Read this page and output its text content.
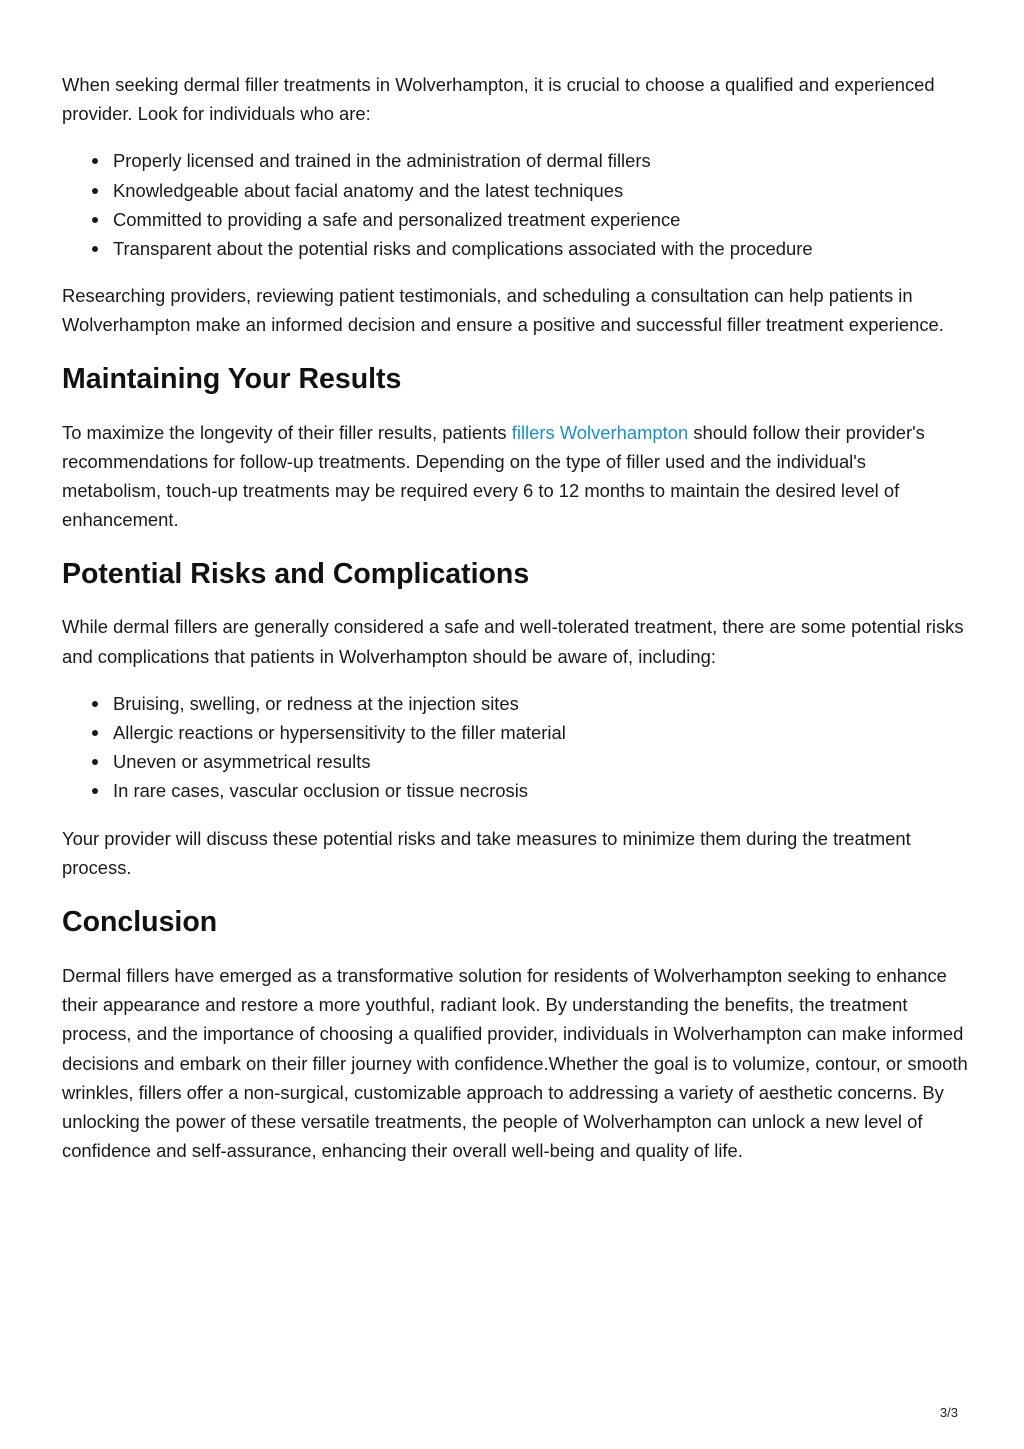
When seeking dermal filler treatments in Wolverhampton, it is crucial to choose a qualified and experienced provider. Look for individuals who are:

Properly licensed and trained in the administration of dermal fillers
Knowledgeable about facial anatomy and the latest techniques
Committed to providing a safe and personalized treatment experience
Transparent about the potential risks and complications associated with the procedure

Researching providers, reviewing patient testimonials, and scheduling a consultation can help patients in Wolverhampton make an informed decision and ensure a positive and successful filler treatment experience.

Maintaining Your Results

To maximize the longevity of their filler results, patients fillers Wolverhampton should follow their provider's recommendations for follow-up treatments. Depending on the type of filler used and the individual's metabolism, touch-up treatments may be required every 6 to 12 months to maintain the desired level of enhancement.

Potential Risks and Complications

While dermal fillers are generally considered a safe and well-tolerated treatment, there are some potential risks and complications that patients in Wolverhampton should be aware of, including:

Bruising, swelling, or redness at the injection sites
Allergic reactions or hypersensitivity to the filler material
Uneven or asymmetrical results
In rare cases, vascular occlusion or tissue necrosis

Your provider will discuss these potential risks and take measures to minimize them during the treatment process.

Conclusion

Dermal fillers have emerged as a transformative solution for residents of Wolverhampton seeking to enhance their appearance and restore a more youthful, radiant look. By understanding the benefits, the treatment process, and the importance of choosing a qualified provider, individuals in Wolverhampton can make informed decisions and embark on their filler journey with confidence.Whether the goal is to volumize, contour, or smooth wrinkles, fillers offer a non-surgical, customizable approach to addressing a variety of aesthetic concerns. By unlocking the power of these versatile treatments, the people of Wolverhampton can unlock a new level of confidence and self-assurance, enhancing their overall well-being and quality of life.

3/3
